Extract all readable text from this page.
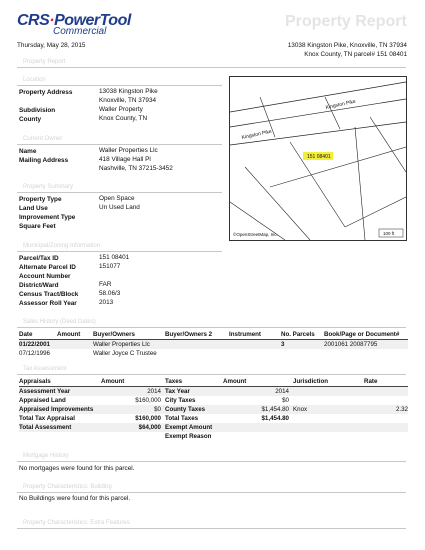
CRS·PowerTool
Commercial
Property Report
Thursday, May 28, 2015	13038 Kingston Pike, Knoxville, TN 37934
Knox County, TN parcel# 151 08401
Property Report
Location
Property Address	13038 Kingston Pike
Knoxville, TN 37934
Subdivision	Waller Property
County	Knox County, TN
Current Owner
Name	Waller Properties Llc
Mailing Address	418 Village Hall Pl
Nashville, TN 37215-3452
Property Summary
Property Type	Open Space
Land Use	Un Used Land
Improvement Type
Square Feet
Municipal/Zoning Information
Parcel/Tax ID	151 08401
Alternate Parcel ID	151077
Account Number
District/Ward	FAR
Census Tract/Block	58.06/3
Assessor Roll Year	2013
151 08401
Kingston Pike
Kingston Pike
©OpenStreetMap, Inc.	100 ft
Sales History (Deed Dates)
Date	Amount	Buyer/Owners	Buyer/Owners 2	Instrument	No. Parcels	Book/Page or Document#
01/22/2001		Waller Properties Llc			3	2001061 20087795
07/12/1996		Waller Joyce C Trustee				
Tax Assessment
Appraisals	Amount	Taxes	Amount	Jurisdiction	Rate
Assessment Year	2014	Tax Year	2014		
Appraised Land	$160,000	City Taxes	$0		
Appraised Improvements	$0	County Taxes	$1,454.80	Knox	2.32
Total Tax Appraisal	$160,000	Total Taxes	$1,454.80		
Total Assessment	$64,000	Exempt Amount			
		Exempt Reason			
Mortgage History
No mortgages were found for this parcel.
Property Characteristics: Building
No Buildings were found for this parcel.
Property Characteristics: Extra Features
